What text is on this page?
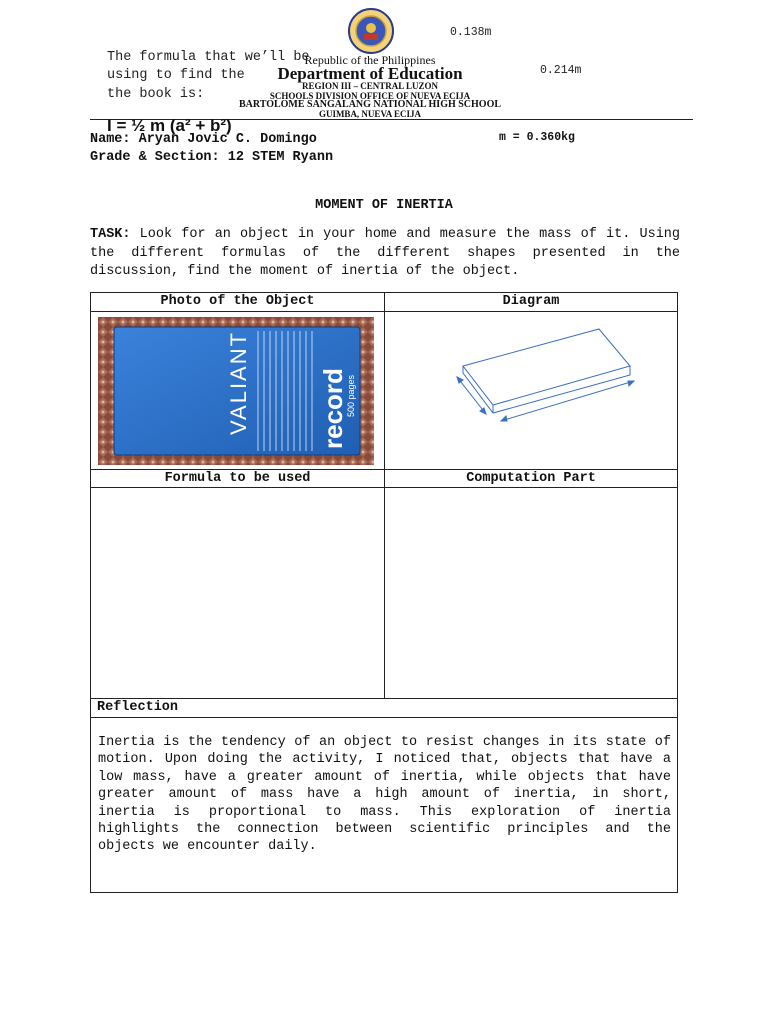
Republic of the Philippines
Department of Education
REGION III – CENTRAL LUZON
SCHOOLS DIVISION OFFICE OF NUEVA ECIJA
BARTOLOME SANGALANG NATIONAL HIGH SCHOOL
GUIMBA, NUEVA ECIJA
The formula that we’ll be
using to find the
the book is:
0.138m
0.214m
I = ½ m (a² + b²)
m = 0.360kg
Name: Aryan Jovic C. Domingo
Grade & Section: 12 STEM Ryann
MOMENT OF INERTIA
TASK: Look for an object in your home and measure the mass of it. Using the different formulas of the different shapes presented in the discussion, find the moment of inertia of the object.
Photo of the Object	Diagram
Formula to be used	Computation Part
Reflection
VALIANT	record
500 pages
Inertia is the tendency of an object to resist changes in its state of motion. Upon doing the activity, I noticed that, objects that have a low mass, have a greater amount of inertia, while objects that have greater amount of mass have a high amount of inertia, in short, inertia is proportional to mass. This exploration of inertia highlights the connection between scientific principles and the objects we encounter daily.
